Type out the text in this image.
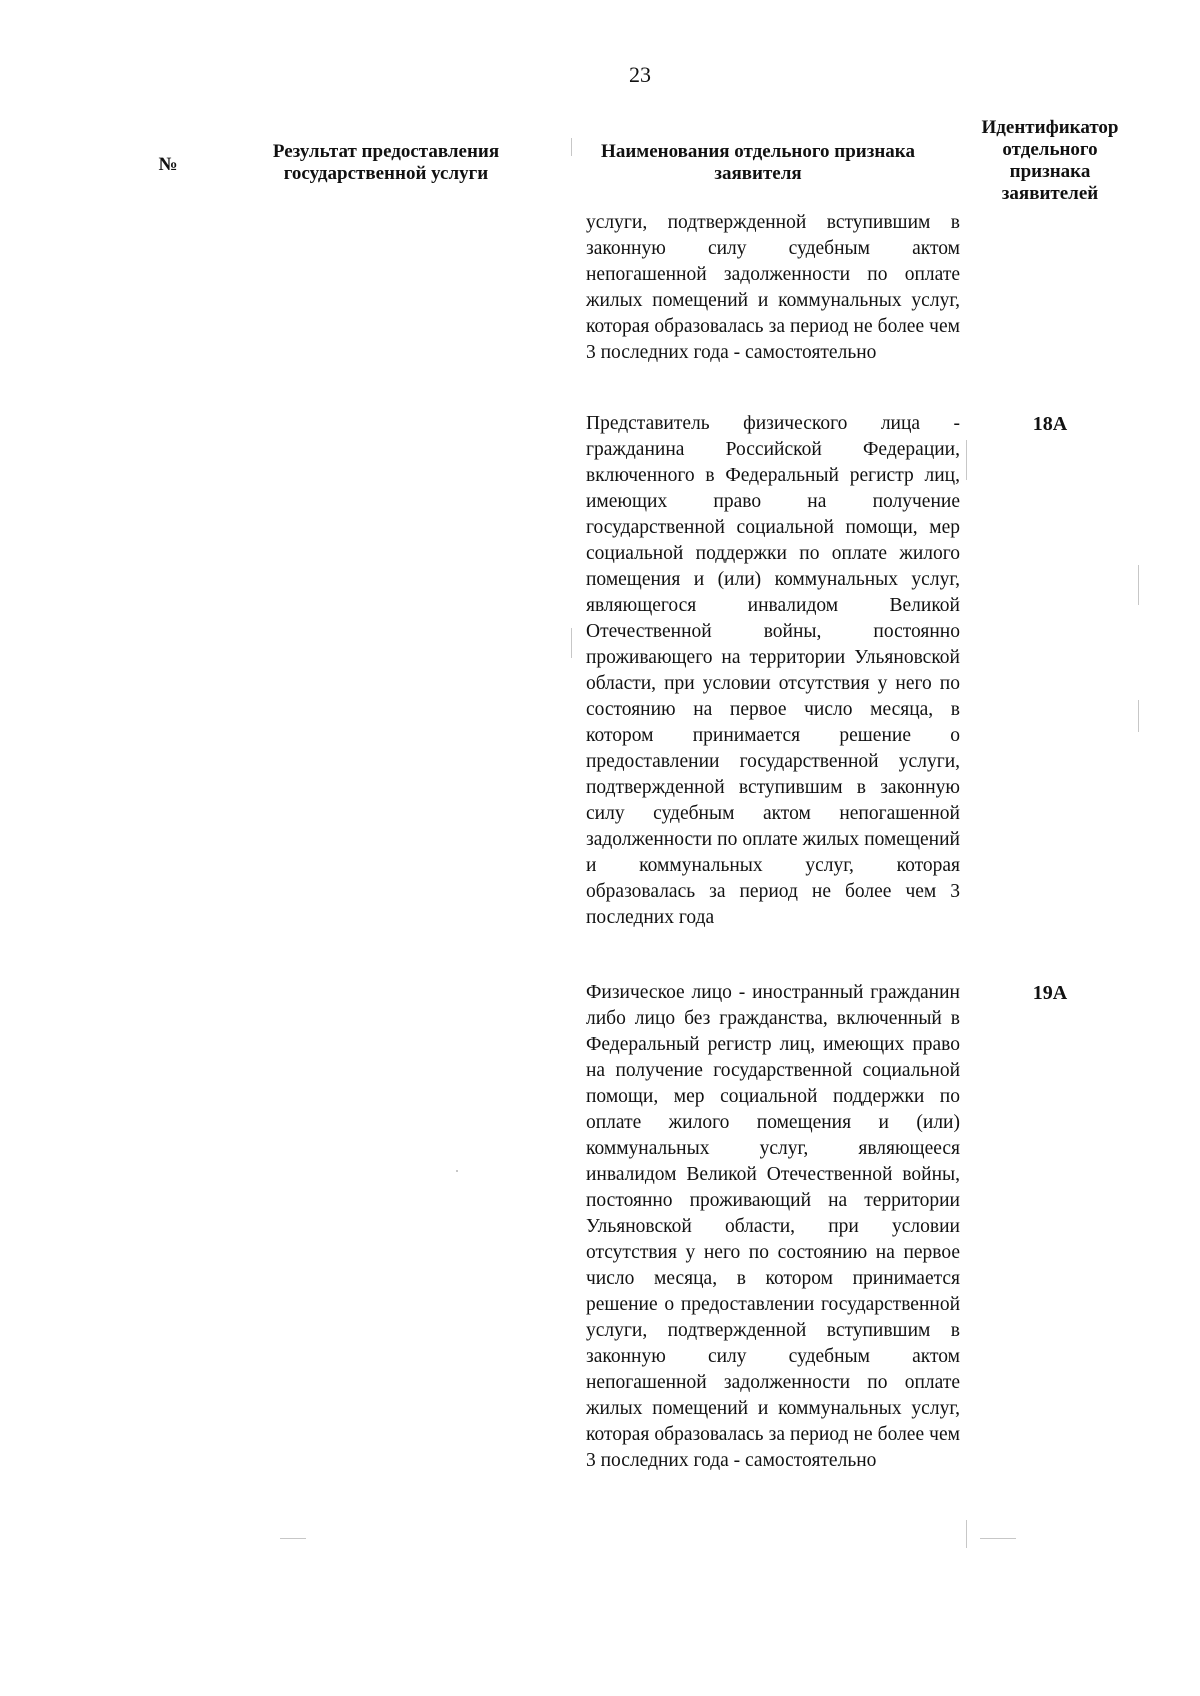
23
№
Результат предоставления государственной услуги
Наименования отдельного признака заявителя
Идентификатор отдельного признака заявителей

услуги, подтвержденной вступившим в законную силу судебным актом непогашенной задолженности по оплате жилых помещений и коммунальных услуг, которая образовалась за период не более чем 3 последних года - самостоятельно

Представитель физического лица - гражданина Российской Федерации, включенного в Федеральный регистр лиц, имеющих право на получение государственной социальной помощи, мер социальной поддержки по оплате жилого помещения и (или) коммунальных услуг, являющегося инвалидом Великой Отечественной войны, постоянно проживающего на территории Ульяновской области, при условии отсутствия у него по состоянию на первое число месяца, в котором принимается решение о предоставлении государственной услуги, подтвержденной вступившим в законную силу судебным актом непогашенной задолженности по оплате жилых помещений и коммунальных услуг, которая образовалась за период не более чем 3 последних года

18А

Физическое лицо - иностранный гражданин либо лицо без гражданства, включенный в Федеральный регистр лиц, имеющих право на получение государственной социальной помощи, мер социальной поддержки по оплате жилого помещения и (или) коммунальных услуг, являющееся инвалидом Великой Отечественной войны, постоянно проживающий на территории Ульяновской области, при условии отсутствия у него по состоянию на первое число месяца, в котором принимается решение о предоставлении государственной услуги, подтвержденной вступившим в законную силу судебным актом непогашенной задолженности по оплате жилых помещений и коммунальных услуг, которая образовалась за период не более чем 3 последних года - самостоятельно

19А
